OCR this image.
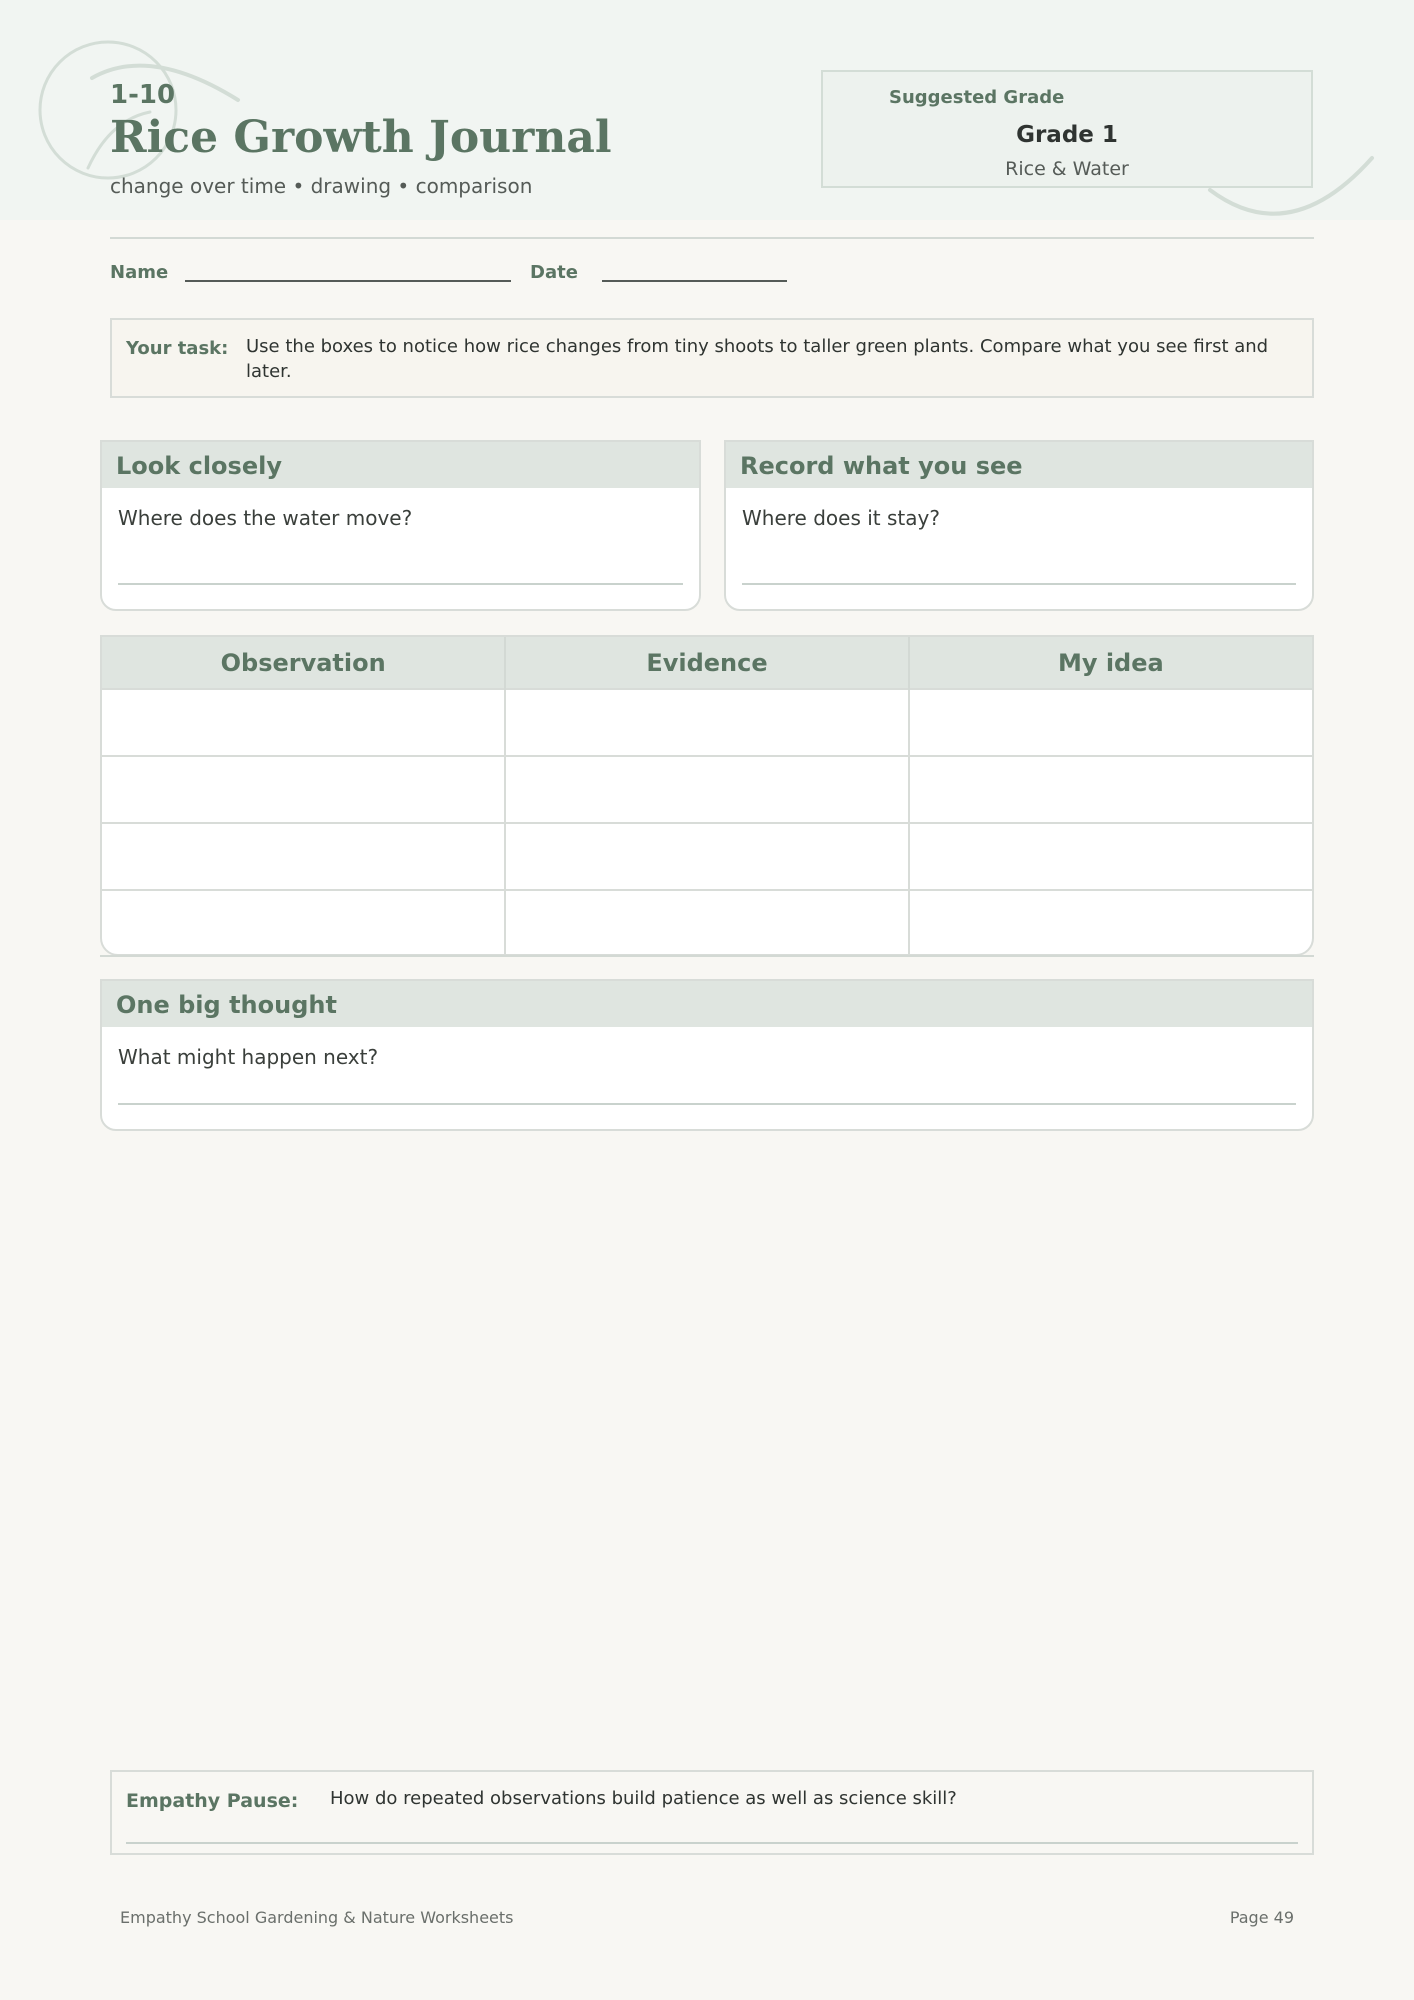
1-10
Rice Growth Journal
change over time • drawing • comparison
Suggested Grade
Grade 1
Rice & Water
Name	Date
Your task: Use the boxes to notice how rice changes from tiny shoots to taller green plants. Compare what you see first and later.
Look closely
Where does the water move?
Record what you see
Where does it stay?
Observation	Evidence	My idea

One big thought
What might happen next?
Empathy Pause: How do repeated observations build patience as well as science skill?
Empathy School Gardening & Nature Worksheets	Page 49
